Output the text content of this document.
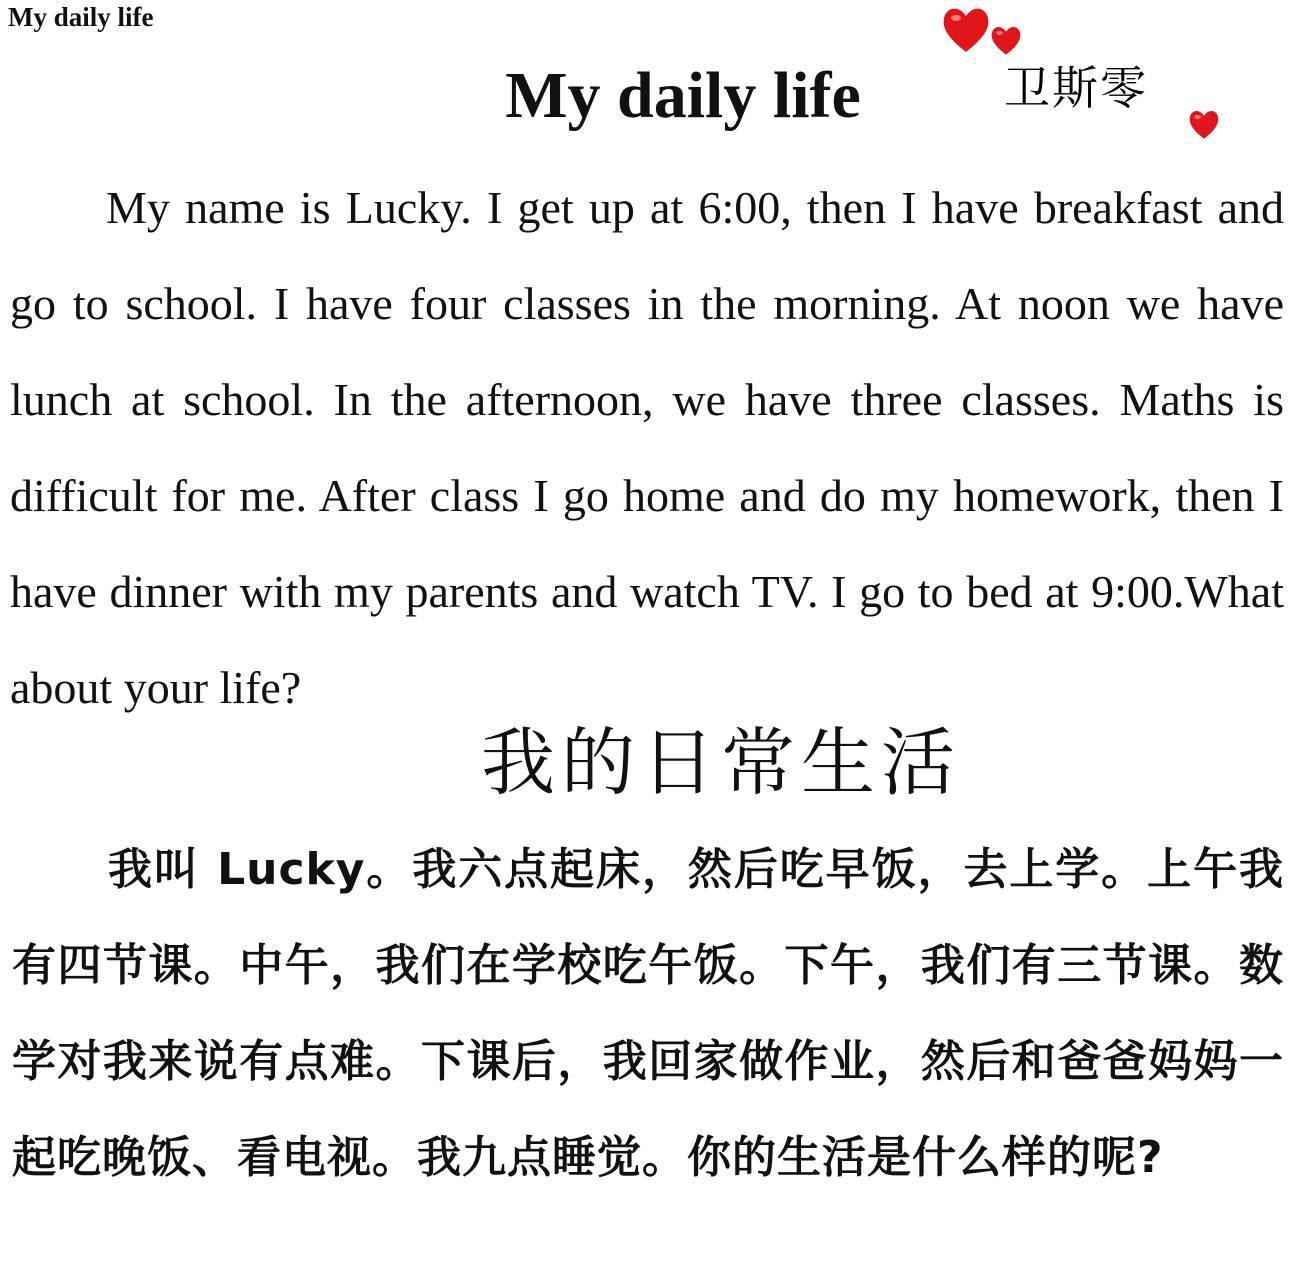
My daily life
My daily life	卫斯零

My name is Lucky. I get up at 6:00, then I have breakfast and go to school. I have four classes in the morning. At noon we have lunch at school. In the afternoon, we have three classes. Maths is difficult for me. After class I go home and do my homework, then I have dinner with my parents and watch TV. I go to bed at 9:00.What about your life?

我的日常生活

我叫 Lucky。我六点起床，然后吃早饭，去上学。上午我有四节课。中午，我们在学校吃午饭。下午，我们有三节课。数学对我来说有点难。下课后，我回家做作业，然后和爸爸妈妈一起吃晚饭、看电视。我九点睡觉。你的生活是什么样的呢?
